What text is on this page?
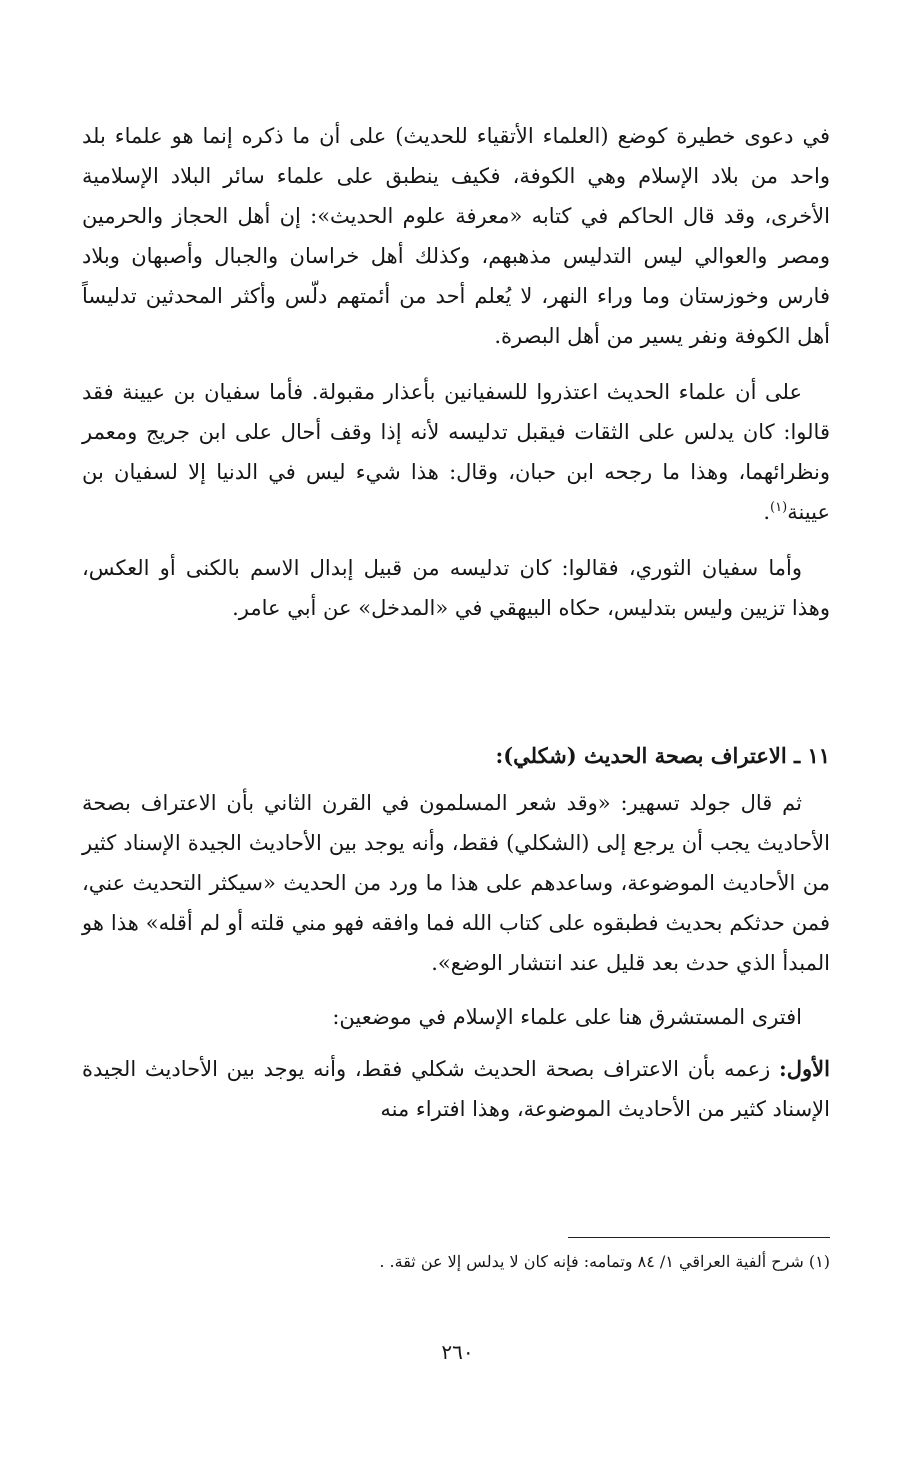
في دعوى خطيرة كوضع (العلماء الأتقياء للحديث) على أن ما ذكره إنما هو علماء بلد واحد من بلاد الإسلام وهي الكوفة، فكيف ينطبق على علماء سائر البلاد الإسلامية الأخرى، وقد قال الحاكم في كتابه «معرفة علوم الحديث»: إن أهل الحجاز والحرمين ومصر والعوالي ليس التدليس مذهبهم، وكذلك أهل خراسان والجبال وأصبهان وبلاد فارس وخوزستان وما وراء النهر، لا يُعلم أحد من أئمتهم دلّس وأكثر المحدثين تدليساً أهل الكوفة ونفر يسير من أهل البصرة.

على أن علماء الحديث اعتذروا للسفيانين بأعذار مقبولة. فأما سفيان بن عيينة فقد قالوا: كان يدلس على الثقات فيقبل تدليسه لأنه إذا وقف أحال على ابن جريج ومعمر ونظرائهما، وهذا ما رجحه ابن حبان، وقال: هذا شيء ليس في الدنيا إلا لسفيان بن عيينة$^{(١)}$.

وأما سفيان الثوري، فقالوا: كان تدليسه من قبيل إبدال الاسم بالكنى أو العكس، وهذا تزيين وليس بتدليس، حكاه البيهقي في «المدخل» عن أبي عامر.

١١ ـ الاعتراف بصحة الحديث (شكلي):

ثم قال جولد تسهير: «وقد شعر المسلمون في القرن الثاني بأن الاعتراف بصحة الأحاديث يجب أن يرجع إلى (الشكلي) فقط، وأنه يوجد بين الأحاديث الجيدة الإسناد كثير من الأحاديث الموضوعة، وساعدهم على هذا ما ورد من الحديث «سيكثر التحديث عني، فمن حدثكم بحديث فطبقوه على كتاب الله فما وافقه فهو مني قلته أو لم أقله» هذا هو المبدأ الذي حدث بعد قليل عند انتشار الوضع».

افترى المستشرق هنا على علماء الإسلام في موضعين:

الأول: زعمه بأن الاعتراف بصحة الحديث شكلي فقط، وأنه يوجد بين الأحاديث الجيدة الإسناد كثير من الأحاديث الموضوعة، وهذا افتراء منه

(١) شرح ألفية العراقي ١/ ٨٤ وتمامه: فإنه كان لا يدلس إلا عن ثقة. .

٢٦٠
